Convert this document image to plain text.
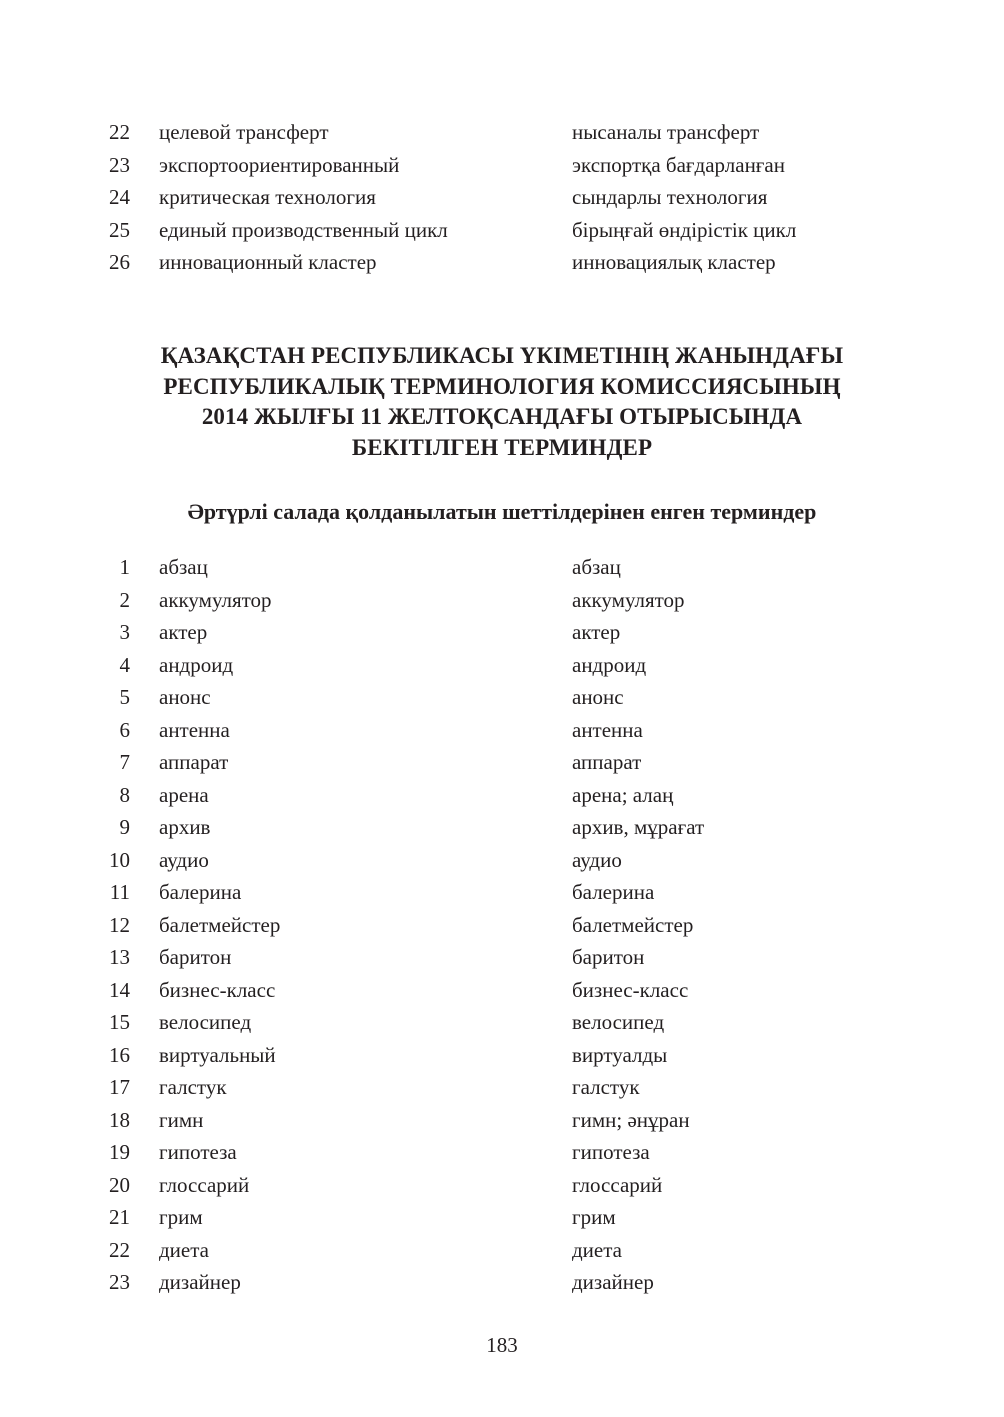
22 целевой трансферт	нысаналы трансферт
23 экспортоориентированный	экспортқа бағдарланған
24 критическая технология	сындарлы технология
25 единый производственный цикл	бірыңғай өндірістік цикл
26 инновационный кластер	инновациялық кластер
ҚАЗАҚСТАН РЕСПУБЛИКАСЫ ҮКІМЕТІНІҢ ЖАНЫНДАҒЫ
РЕСПУБЛИКАЛЫҚ ТЕРМИНОЛОГИЯ КОМИССИЯСЫНЫҢ
2014 ЖЫЛҒЫ 11 ЖЕЛТОҚСАНДАҒЫ ОТЫРЫСЫНДА
БЕКІТІЛГЕН ТЕРМИНДЕР
Әртүрлі салада қолданылатын шеттілдерінен енген терминдер
1 абзац	абзац
2 аккумулятор	аккумулятор
3 актер	актер
4 андроид	андроид
5 анонс	анонс
6 антенна	антенна
7 аппарат	аппарат
8 арена	арена; алаң
9 архив	архив, мұрағат
10 аудио	аудио
11 балерина	балерина
12 балетмейстер	балетмейстер
13 баритон	баритон
14 бизнес-класс	бизнес-класс
15 велосипед	велосипед
16 виртуальный	виртуалды
17 галстук	галстук
18 гимн	гимн; әнұран
19 гипотеза	гипотеза
20 глоссарий	глоссарий
21 грим	грим
22 диета	диета
23 дизайнер	дизайнер
183
